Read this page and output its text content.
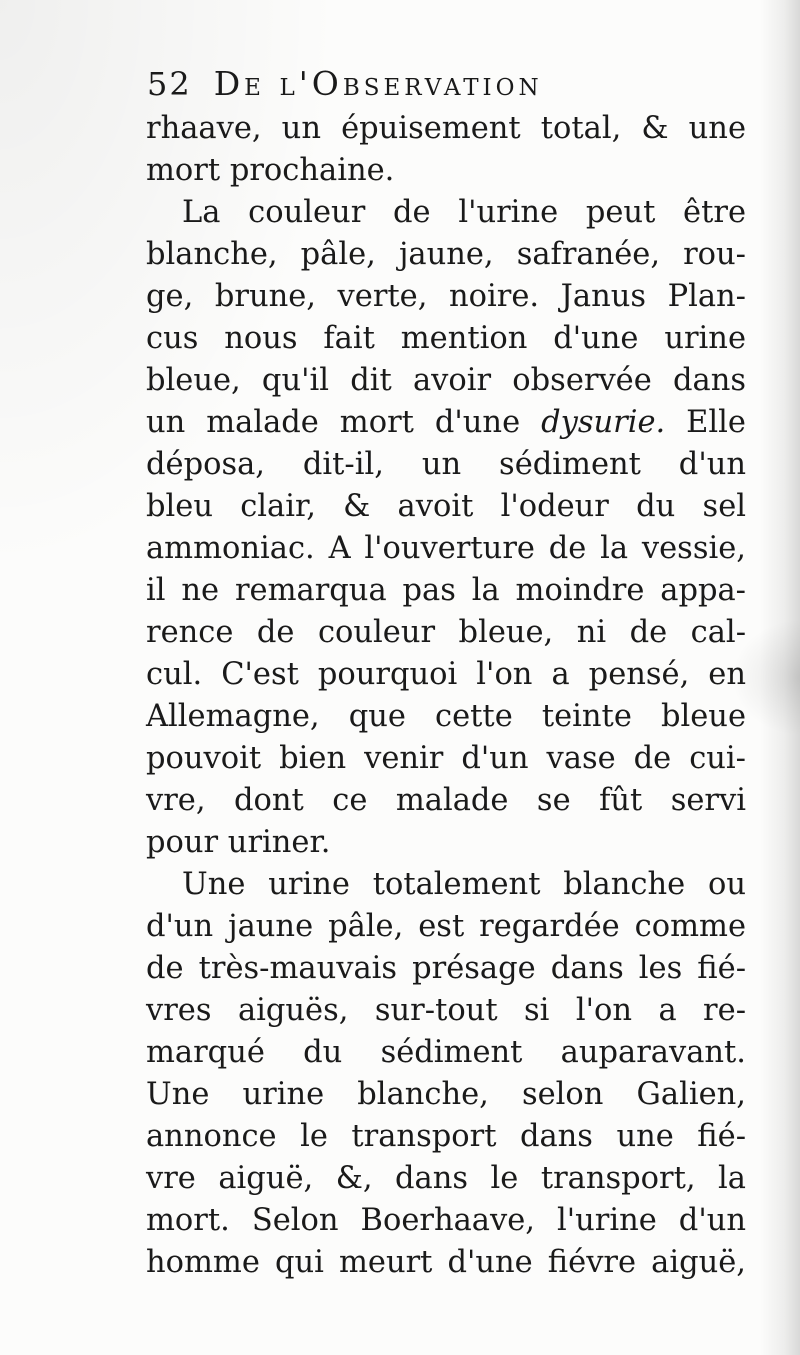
52 De l'Observation
rhaave, un épuisement total, & une
mort prochaine.
La couleur de l'urine peut être
blanche, pâle, jaune, safranée, rou-
ge, brune, verte, noire. Janus Plan-
cus nous fait mention d'une urine
bleue, qu'il dit avoir observée dans
un malade mort d'une dysurie. Elle
déposa, dit-il, un sédiment d'un
bleu clair, & avoit l'odeur du sel
ammoniac. A l'ouverture de la vessie,
il ne remarqua pas la moindre appa-
rence de couleur bleue, ni de cal-
cul. C'est pourquoi l'on a pensé, en
Allemagne, que cette teinte bleue
pouvoit bien venir d'un vase de cui-
vre, dont ce malade se fût servi
pour uriner.
Une urine totalement blanche ou
d'un jaune pâle, est regardée comme
de très-mauvais présage dans les fié-
vres aiguës, sur-tout si l'on a re-
marqué du sédiment auparavant.
Une urine blanche, selon Galien,
annonce le transport dans une fié-
vre aiguë, &, dans le transport, la
mort. Selon Boerhaave, l'urine d'un
homme qui meurt d'une fiévre aiguë,
